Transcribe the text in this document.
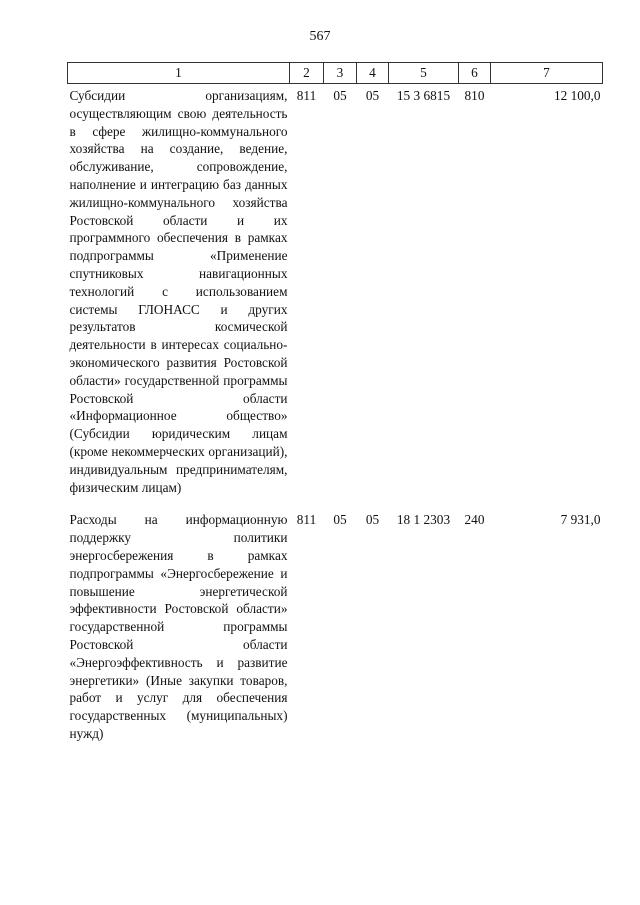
567
1	2	3	4	5	6	7
Субсидии организациям, осуществляющим свою деятельность в сфере жилищно-коммунального хозяйства на создание, ведение, обслуживание, сопровождение, наполнение и интеграцию баз данных жилищно-коммунального хозяйства Ростовской области и их программного обеспечения в рамках подпрограммы «Применение спутниковых навигационных технологий с использованием системы ГЛОНАСС и других результатов космической деятельности в интересах социально-экономического развития Ростовской области» государственной программы Ростовской области «Информационное общество» (Субсидии юридическим лицам (кроме некоммерческих организаций), индивидуальным предпринимателям, физическим лицам)	811	05	05	15 3 6815	810	12 100,0

Расходы на информационную поддержку политики энергосбережения в рамках подпрограммы «Энергосбережение и повышение энергетической эффективности Ростовской области» государственной программы Ростовской области «Энергоэффективность и развитие энергетики» (Иные закупки товаров, работ и услуг для обеспечения государственных (муниципальных) нужд)	811	05	05	18 1 2303	240	7 931,0
